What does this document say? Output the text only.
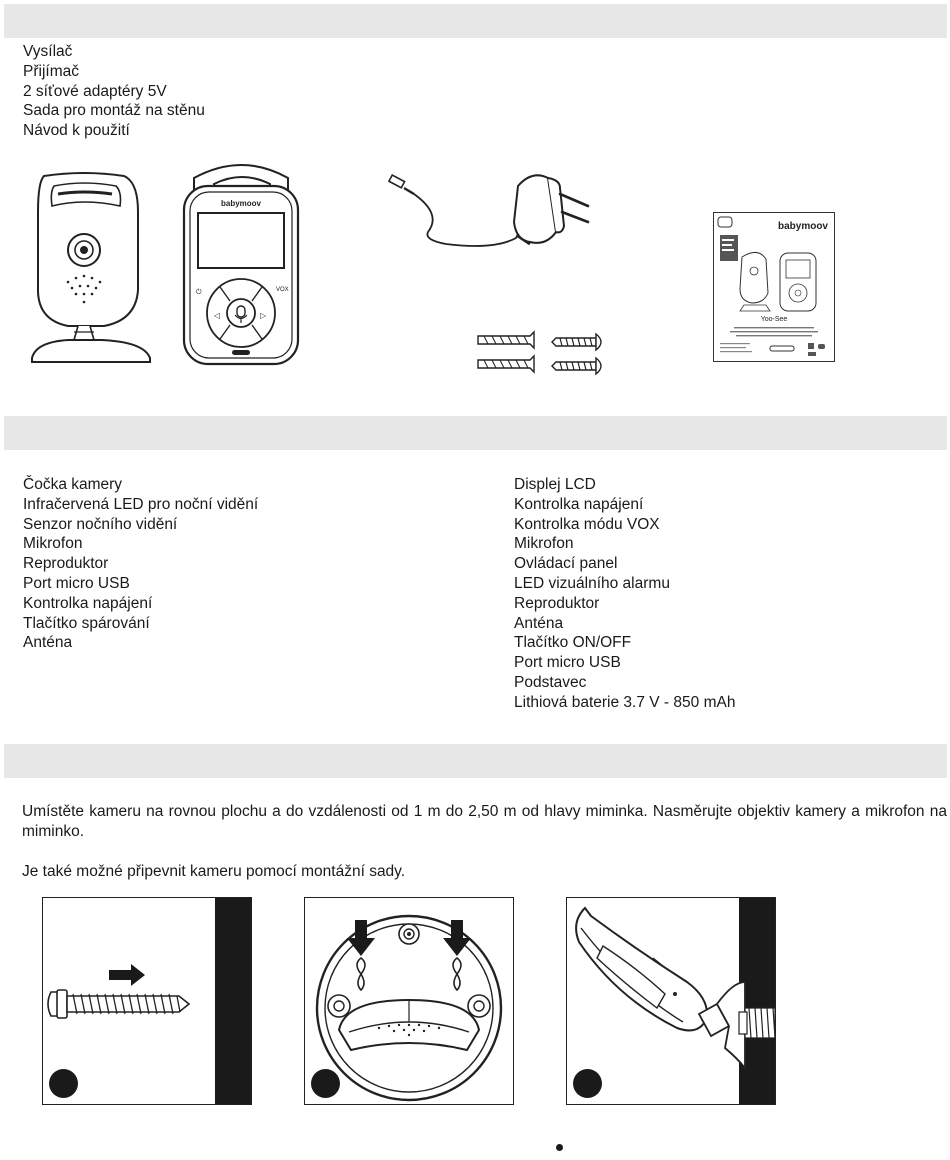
Vysílač
Přijímač
2 síťové adaptéry 5V
Sada pro montáž na stěnu
Návod k použití
babymoov
⏻	VOX
◁	▷
babymoov
Yoo-See
Čočka kamery
Infračervená LED pro noční vidění
Senzor nočního vidění
Mikrofon
Reproduktor
Port micro USB
Kontrolka napájení
Tlačítko spárování
Anténa
Displej LCD
Kontrolka napájení
Kontrolka módu VOX
Mikrofon
Ovládací panel
LED vizuálního alarmu
Reproduktor
Anténa
Tlačítko ON/OFF
Port micro USB
Podstavec
Lithiová baterie 3.7 V - 850 mAh

Umístěte kameru na rovnou plochu a do vzdálenosti od 1 m do 2,50 m od hlavy miminka. Nasměrujte objektiv kamery a mikrofon na miminko.

Je také možné připevnit kameru pomocí montážní sady.
